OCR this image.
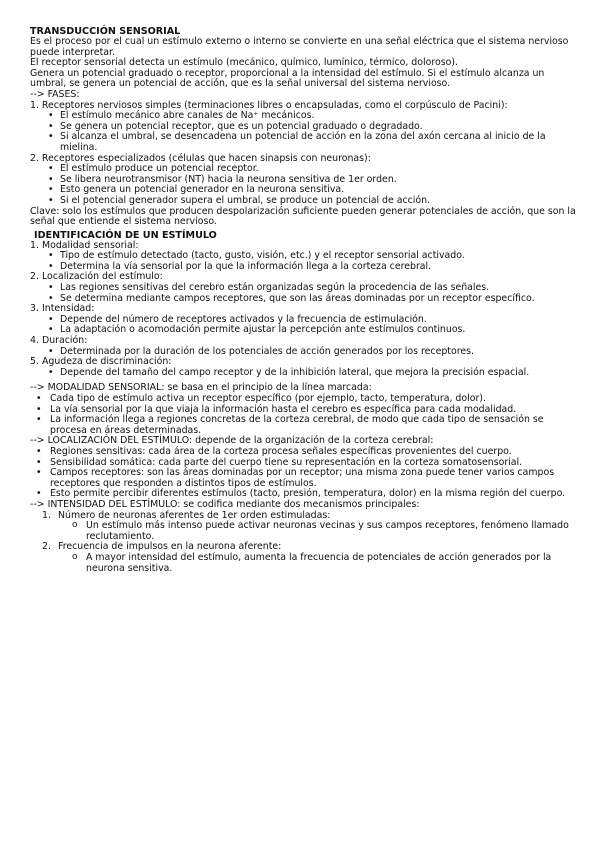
TRANSDUCCIÓN SENSORIAL

Es el proceso por el cual un estímulo externo o interno se convierte en una señal eléctrica que el sistema nervioso puede interpretar.

El receptor sensorial detecta un estímulo (mecánico, químico, lumínico, térmico, doloroso).

Genera un potencial graduado o receptor, proporcional a la intensidad del estímulo. Si el estímulo alcanza un umbral, se genera un potencial de acción, que es la señal universal del sistema nervioso.

--> FASES:

1. Receptores nerviosos simples (terminaciones libres o encapsuladas, como el corpúsculo de Pacini):

• El estímulo mecánico abre canales de Na⁺ mecánicos.
• Se genera un potencial receptor, que es un potencial graduado o degradado.
• Si alcanza el umbral, se desencadena un potencial de acción en la zona del axón cercana al inicio de la mielina.

2. Receptores especializados (células que hacen sinapsis con neuronas):

• El estímulo produce un potencial receptor.
• Se libera neurotransmisor (NT) hacia la neurona sensitiva de 1er orden.
• Esto genera un potencial generador en la neurona sensitiva.
• Si el potencial generador supera el umbral, se produce un potencial de acción.

Clave: solo los estímulos que producen despolarización suficiente pueden generar potenciales de acción, que son la señal que entiende el sistema nervioso.

IDENTIFICACIÓN DE UN ESTÍMULO
1. Modalidad sensorial:
• Tipo de estímulo detectado (tacto, gusto, visión, etc.) y el receptor sensorial activado.
• Determina la vía sensorial por la que la información llega a la corteza cerebral.
2. Localización del estímulo:
• Las regiones sensitivas del cerebro están organizadas según la procedencia de las señales.
• Se determina mediante campos receptores, que son las áreas dominadas por un receptor específico.
3. Intensidad:
• Depende del número de receptores activados y la frecuencia de estimulación.
• La adaptación o acomodación permite ajustar la percepción ante estímulos continuos.
4. Duración:
• Determinada por la duración de los potenciales de acción generados por los receptores.
5. Agudeza de discriminación:
• Depende del tamaño del campo receptor y de la inhibición lateral, que mejora la precisión espacial.

--> MODALIDAD SENSORIAL: se basa en el principio de la línea marcada:

• Cada tipo de estímulo activa un receptor específico (por ejemplo, tacto, temperatura, dolor).
• La vía sensorial por la que viaja la información hasta el cerebro es específica para cada modalidad.
• La información llega a regiones concretas de la corteza cerebral, de modo que cada tipo de sensación se procesa en áreas determinadas.

--> LOCALIZACIÓN DEL ESTÍMULO: depende de la organización de la corteza cerebral:

• Regiones sensitivas: cada área de la corteza procesa señales específicas provenientes del cuerpo.
• Sensibilidad somática: cada parte del cuerpo tiene su representación en la corteza somatosensorial.
• Campos receptores: son las áreas dominadas por un receptor; una misma zona puede tener varios campos receptores que responden a distintos tipos de estímulos.
• Esto permite percibir diferentes estímulos (tacto, presión, temperatura, dolor) en la misma región del cuerpo.

--> INTENSIDAD DEL ESTÍMULO: se codifica mediante dos mecanismos principales:

1. Número de neuronas aferentes de 1er orden estimuladas:
o Un estímulo más intenso puede activar neuronas vecinas y sus campos receptores, fenómeno llamado reclutamiento.
2. Frecuencia de impulsos en la neurona aferente:
o A mayor intensidad del estímulo, aumenta la frecuencia de potenciales de acción generados por la neurona sensitiva.
